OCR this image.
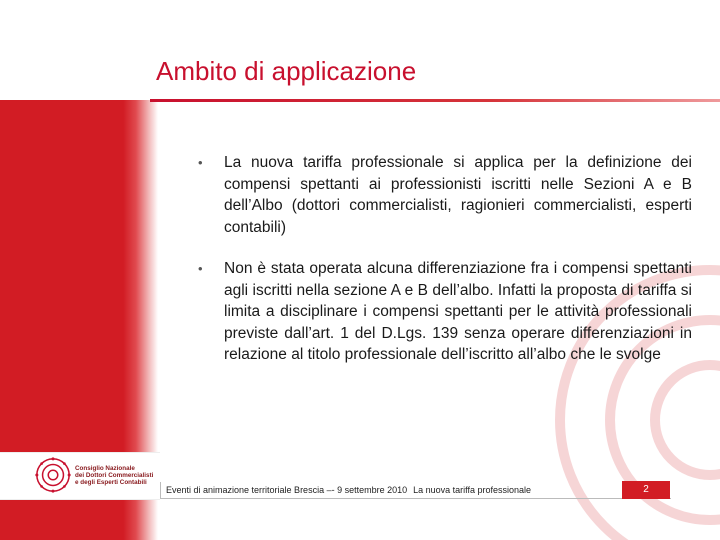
Ambito di applicazione
• La nuova tariffa professionale si applica per la definizione dei compensi spettanti ai professionisti iscritti nelle Sezioni A e B dell’Albo (dottori commercialisti, ragionieri commercialisti, esperti contabili)
• Non è stata operata alcuna differenziazione fra i compensi spettanti agli iscritti nella sezione A e B dell’albo. Infatti la proposta di tariffa si limita a disciplinare i compensi spettanti per le attività professionali previste dall’art. 1 del D.Lgs. 139 senza operare differenziazioni in relazione al titolo professionale dell’iscritto all’albo che le svolge
Consiglio Nazionale
dei Dottori Commercialisti
e degli Esperti Contabili
Eventi di animazione territoriale Brescia –- 9 settembre 2010 La nuova tariffa professionale	2
